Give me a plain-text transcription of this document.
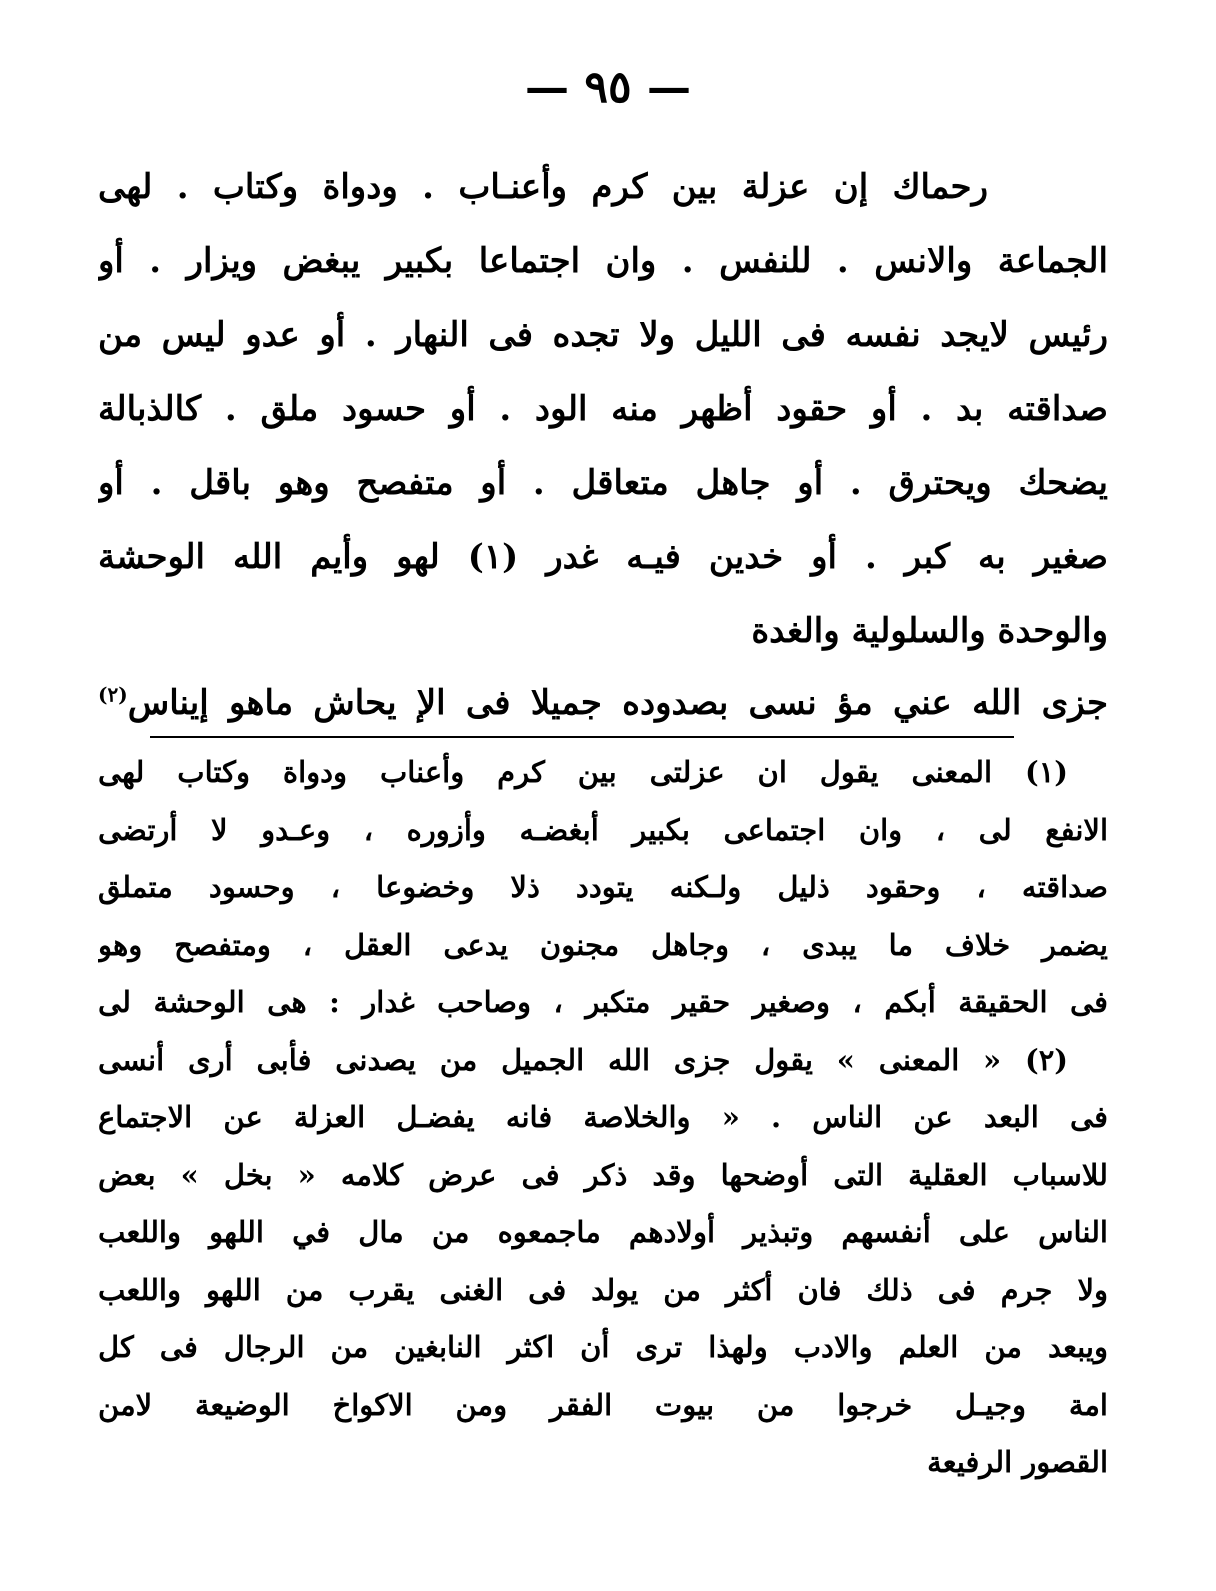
— ٩٥ —
رحماك إن عزلة بين كرم وأعنـاب . ودواة وكتاب . لهى
الجماعة والانس . للنفس . وان اجتماعا بكبير يبغض ويزار . أو
رئيس لايجد نفسه فى الليل ولا تجده فى النهار . أو عدو ليس من
صداقته بد . أو حقود أظهر منه الود . أو حسود ملق . كالذبالة
يضحك ويحترق . أو جاهل متعاقل . أو متفصح وهو باقل . أو
صغير به كبر . أو خدين فيـه غدر (١) لهو وأيم الله الوحشة
والوحدة والسلولية والغدة
جزى الله عني مؤ نسى بصدوده جميلا فى الإ يحاش ماهو إيناس$^{(٢)}$
(١) المعنى يقول ان عزلتى بين كرم وأعناب ودواة وكتاب لهى
الانفع لى ، وان اجتماعى بكبير أبغضـه وأزوره ، وعـدو لا أرتضى
صداقته ، وحقود ذليل ولـكنه يتودد ذلا وخضوعا ، وحسود متملق
يضمر خلاف ما يبدى ، وجاهل مجنون يدعى العقل ، ومتفصح وهو
فى الحقيقة أبكم ، وصغير حقير متكبر ، وصاحب غدار : هى الوحشة لى
(٢) « المعنى » يقول جزى الله الجميل من يصدنى فأبى أرى أنسى
فى البعد عن الناس . « والخلاصة فانه يفضـل العزلة عن الاجتماع
للاسباب العقلية التى أوضحها وقد ذكر فى عرض كلامه « بخل » بعض
الناس على أنفسهم وتبذير أولادهم ماجمعوه من مال في اللهو واللعب
ولا جرم فى ذلك فان أكثر من يولد فى الغنى يقرب من اللهو واللعب
ويبعد من العلم والادب ولهذا ترى أن اكثر النابغين من الرجال فى كل
امة وجيـل خرجوا من بيوت الفقر ومن الاكواخ الوضيعة لامن
القصور الرفيعة
